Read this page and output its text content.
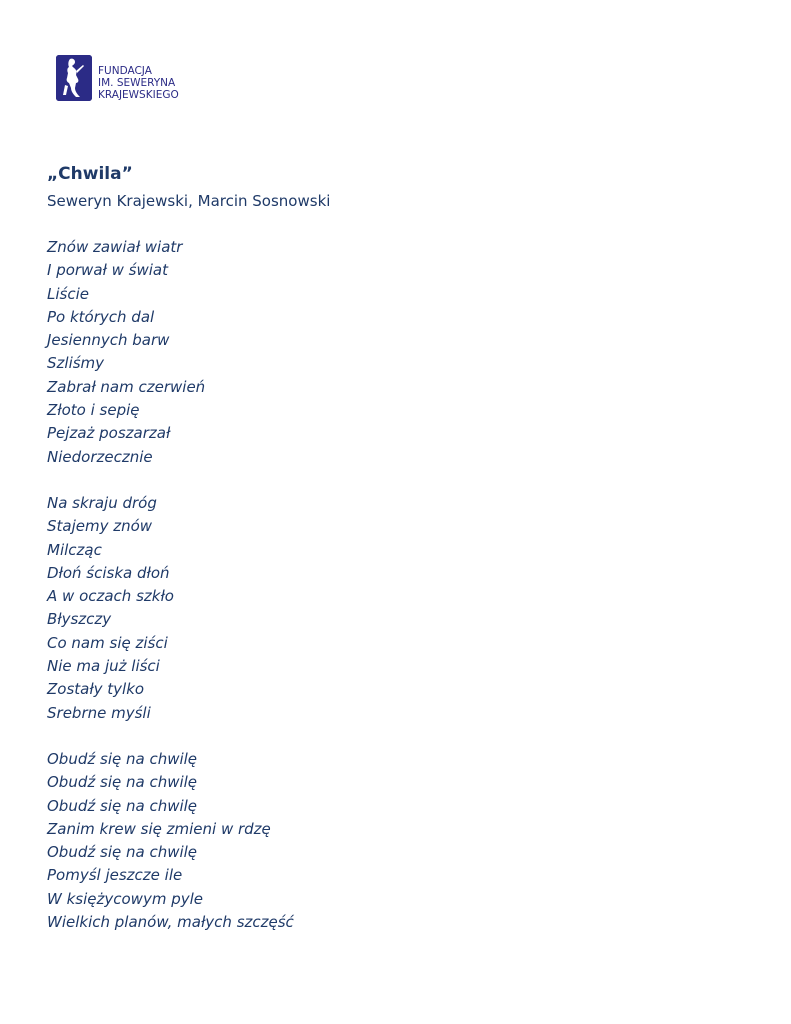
FUNDACJA
IM. SEWERYNA
KRAJEWSKIEGO
„Chwila”
Seweryn Krajewski, Marcin Sosnowski
Znów zawiał wiatr
I porwał w świat
Liście
Po których dal
Jesiennych barw
Szliśmy
Zabrał nam czerwień
Złoto i sepię
Pejzaż poszarzał
Niedorzecznie
Na skraju dróg
Stajemy znów
Milcząc
Dłoń ściska dłoń
A w oczach szkło
Błyszczy
Co nam się ziści
Nie ma już liści
Zostały tylko
Srebrne myśli
Obudź się na chwilę
Obudź się na chwilę
Obudź się na chwilę
Zanim krew się zmieni w rdzę
Obudź się na chwilę
Pomyśl jeszcze ile
W księżycowym pyle
Wielkich planów, małych szczęść
